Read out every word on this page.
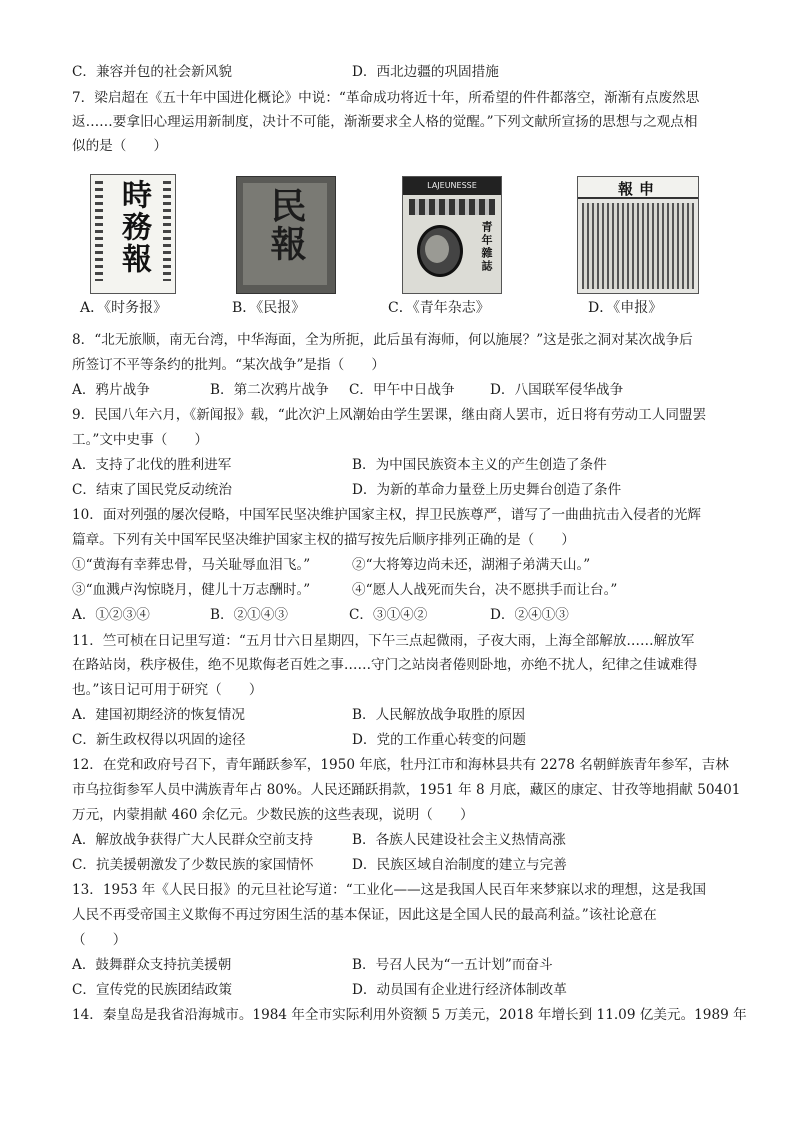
C．兼容并包的社会新风貌	D．西北边疆的巩固措施
7．梁启超在《五十年中国进化概论》中说：“革命成功将近十年，所希望的件件都落空，渐渐有点废然思
返……要拿旧心理运用新制度，决计不可能，渐渐要求全人格的觉醒。”下列文献所宣扬的思想与之观点相
似的是（　　）
時務報
A．《时务报》
民報
B．《民报》
LAJEUNESSE
青年雜誌
C．《青年杂志》
報申
D．《申报》
8．“北无旅顺，南无台湾，中华海面，全为所扼，此后虽有海师，何以施展？”这是张之洞对某次战争后
所签订不平等条约的批判。“某次战争”是指（　　）
A．鸦片战争	B．第二次鸦片战争 C．甲午中日战争	D．八国联军侵华战争
9．民国八年六月，《新闻报》载，“此次沪上风潮始由学生罢课，继由商人罢市，近日将有劳动工人同盟罢
工。”文中史事（　　）
A．支持了北伐的胜利进军	B．为中国民族资本主义的产生创造了条件
C．结束了国民党反动统治	D．为新的革命力量登上历史舞台创造了条件
10．面对列强的屡次侵略，中国军民坚决维护国家主权，捍卫民族尊严，谱写了一曲曲抗击入侵者的光辉
篇章。下列有关中国军民坚决维护国家主权的描写按先后顺序排列正确的是（　　）
①“黄海有幸葬忠骨，马关耻辱血泪飞。”	②“大将筹边尚未还，湖湘子弟满天山。”
③“血溅卢沟惊晓月，健儿十万志酬时。”	④“愿人人战死而失台，决不愿拱手而让台。”
A．①②③④	B．②①④③	C．③①④②	D．②④①③
11．竺可桢在日记里写道：“五月廿六日星期四，下午三点起微雨，子夜大雨，上海全部解放……解放军
在路站岗，秩序极佳，绝不见欺侮老百姓之事……守门之站岗者倦则卧地，亦绝不扰人，纪律之佳诚难得
也。”该日记可用于研究（　　）
A．建国初期经济的恢复情况	B．人民解放战争取胜的原因
C．新生政权得以巩固的途径	D．党的工作重心转变的问题
12．在党和政府号召下，青年踊跃参军，1950 年底，牡丹江市和海林县共有 2278 名朝鲜族青年参军，吉林
市乌拉街参军人员中满族青年占 80%。人民还踊跃捐款，1951 年 8 月底，藏区的康定、甘孜等地捐献 50401
万元，内蒙捐献 460 余亿元。少数民族的这些表现，说明（　　）
A．解放战争获得广大人民群众空前支持	B．各族人民建设社会主义热情高涨
C．抗美援朝激发了少数民族的家国情怀	D．民族区域自治制度的建立与完善
13．1953 年《人民日报》的元旦社论写道：“工业化——这是我国人民百年来梦寐以求的理想，这是我国
人民不再受帝国主义欺侮不再过穷困生活的基本保证，因此这是全国人民的最高利益。”该社论意在
（　　）
A．鼓舞群众支持抗美援朝	B．号召人民为“一五计划”而奋斗
C．宣传党的民族团结政策	D．动员国有企业进行经济体制改革
14．秦皇岛是我省沿海城市。1984 年全市实际利用外资额 5 万美元，2018 年增长到 11.09 亿美元。1989 年
